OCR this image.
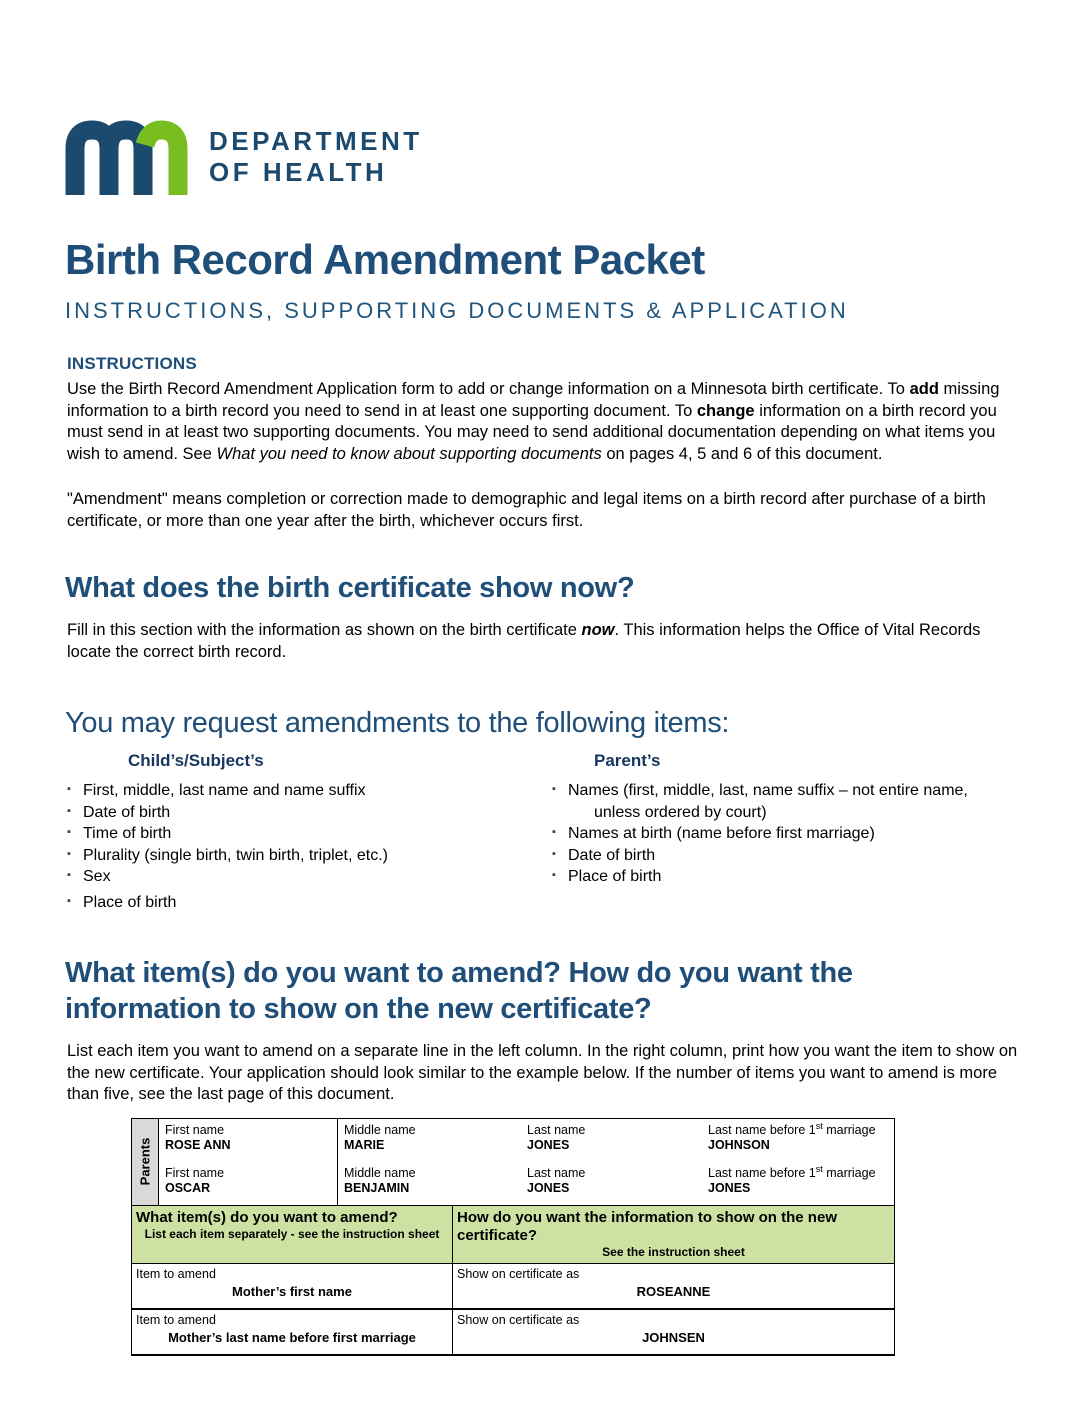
DEPARTMENT
OF HEALTH
Birth Record Amendment Packet
INSTRUCTIONS, SUPPORTING DOCUMENTS & APPLICATION
INSTRUCTIONS

Use the Birth Record Amendment Application form to add or change information on a Minnesota birth certificate. To add missing information to a birth record you need to send in at least one supporting document. To change information on a birth record you must send in at least two supporting documents. You may need to send additional documentation depending on what items you wish to amend. See What you need to know about supporting documents on pages 4, 5 and 6 of this document.

"Amendment" means completion or correction made to demographic and legal items on a birth record after purchase of a birth certificate, or more than one year after the birth, whichever occurs first.

What does the birth certificate show now?

Fill in this section with the information as shown on the birth certificate now. This information helps the Office of Vital Records locate the correct birth record.

You may request amendments to the following items:
Child’s/Subject’s
▪ First, middle, last name and name suffix
▪ Date of birth
▪ Time of birth
▪ Plurality (single birth, twin birth, triplet, etc.)
▪ Sex
▪ Place of birth
Parent’s
▪ Names (first, middle, last, name suffix – not entire name,
unless ordered by court)
▪ Names at birth (name before first marriage)
▪ Date of birth
▪ Place of birth
What item(s) do you want to amend? How do you want the information to show on the new certificate?

List each item you want to amend on a separate line in the left column. In the right column, print how you want the item to show on the new certificate. Your application should look similar to the example below. If the number of items you want to amend is more than five, see the last page of this document.

Parents
First name
ROSE ANN
Middle name
MARIE
Last name
JONES
Last name before 1st marriage
JOHNSON
First name
OSCAR
Middle name
BENJAMIN
Last name
JONES
Last name before 1st marriage
JONES
What item(s) do you want to amend?
List each item separately - see the instruction sheet
How do you want the information to show on the new certificate?
See the instruction sheet
Item to amend
Mother’s first name
Show on certificate as
ROSEANNE
Item to amend
Mother’s last name before first marriage
Show on certificate as
JOHNSEN
